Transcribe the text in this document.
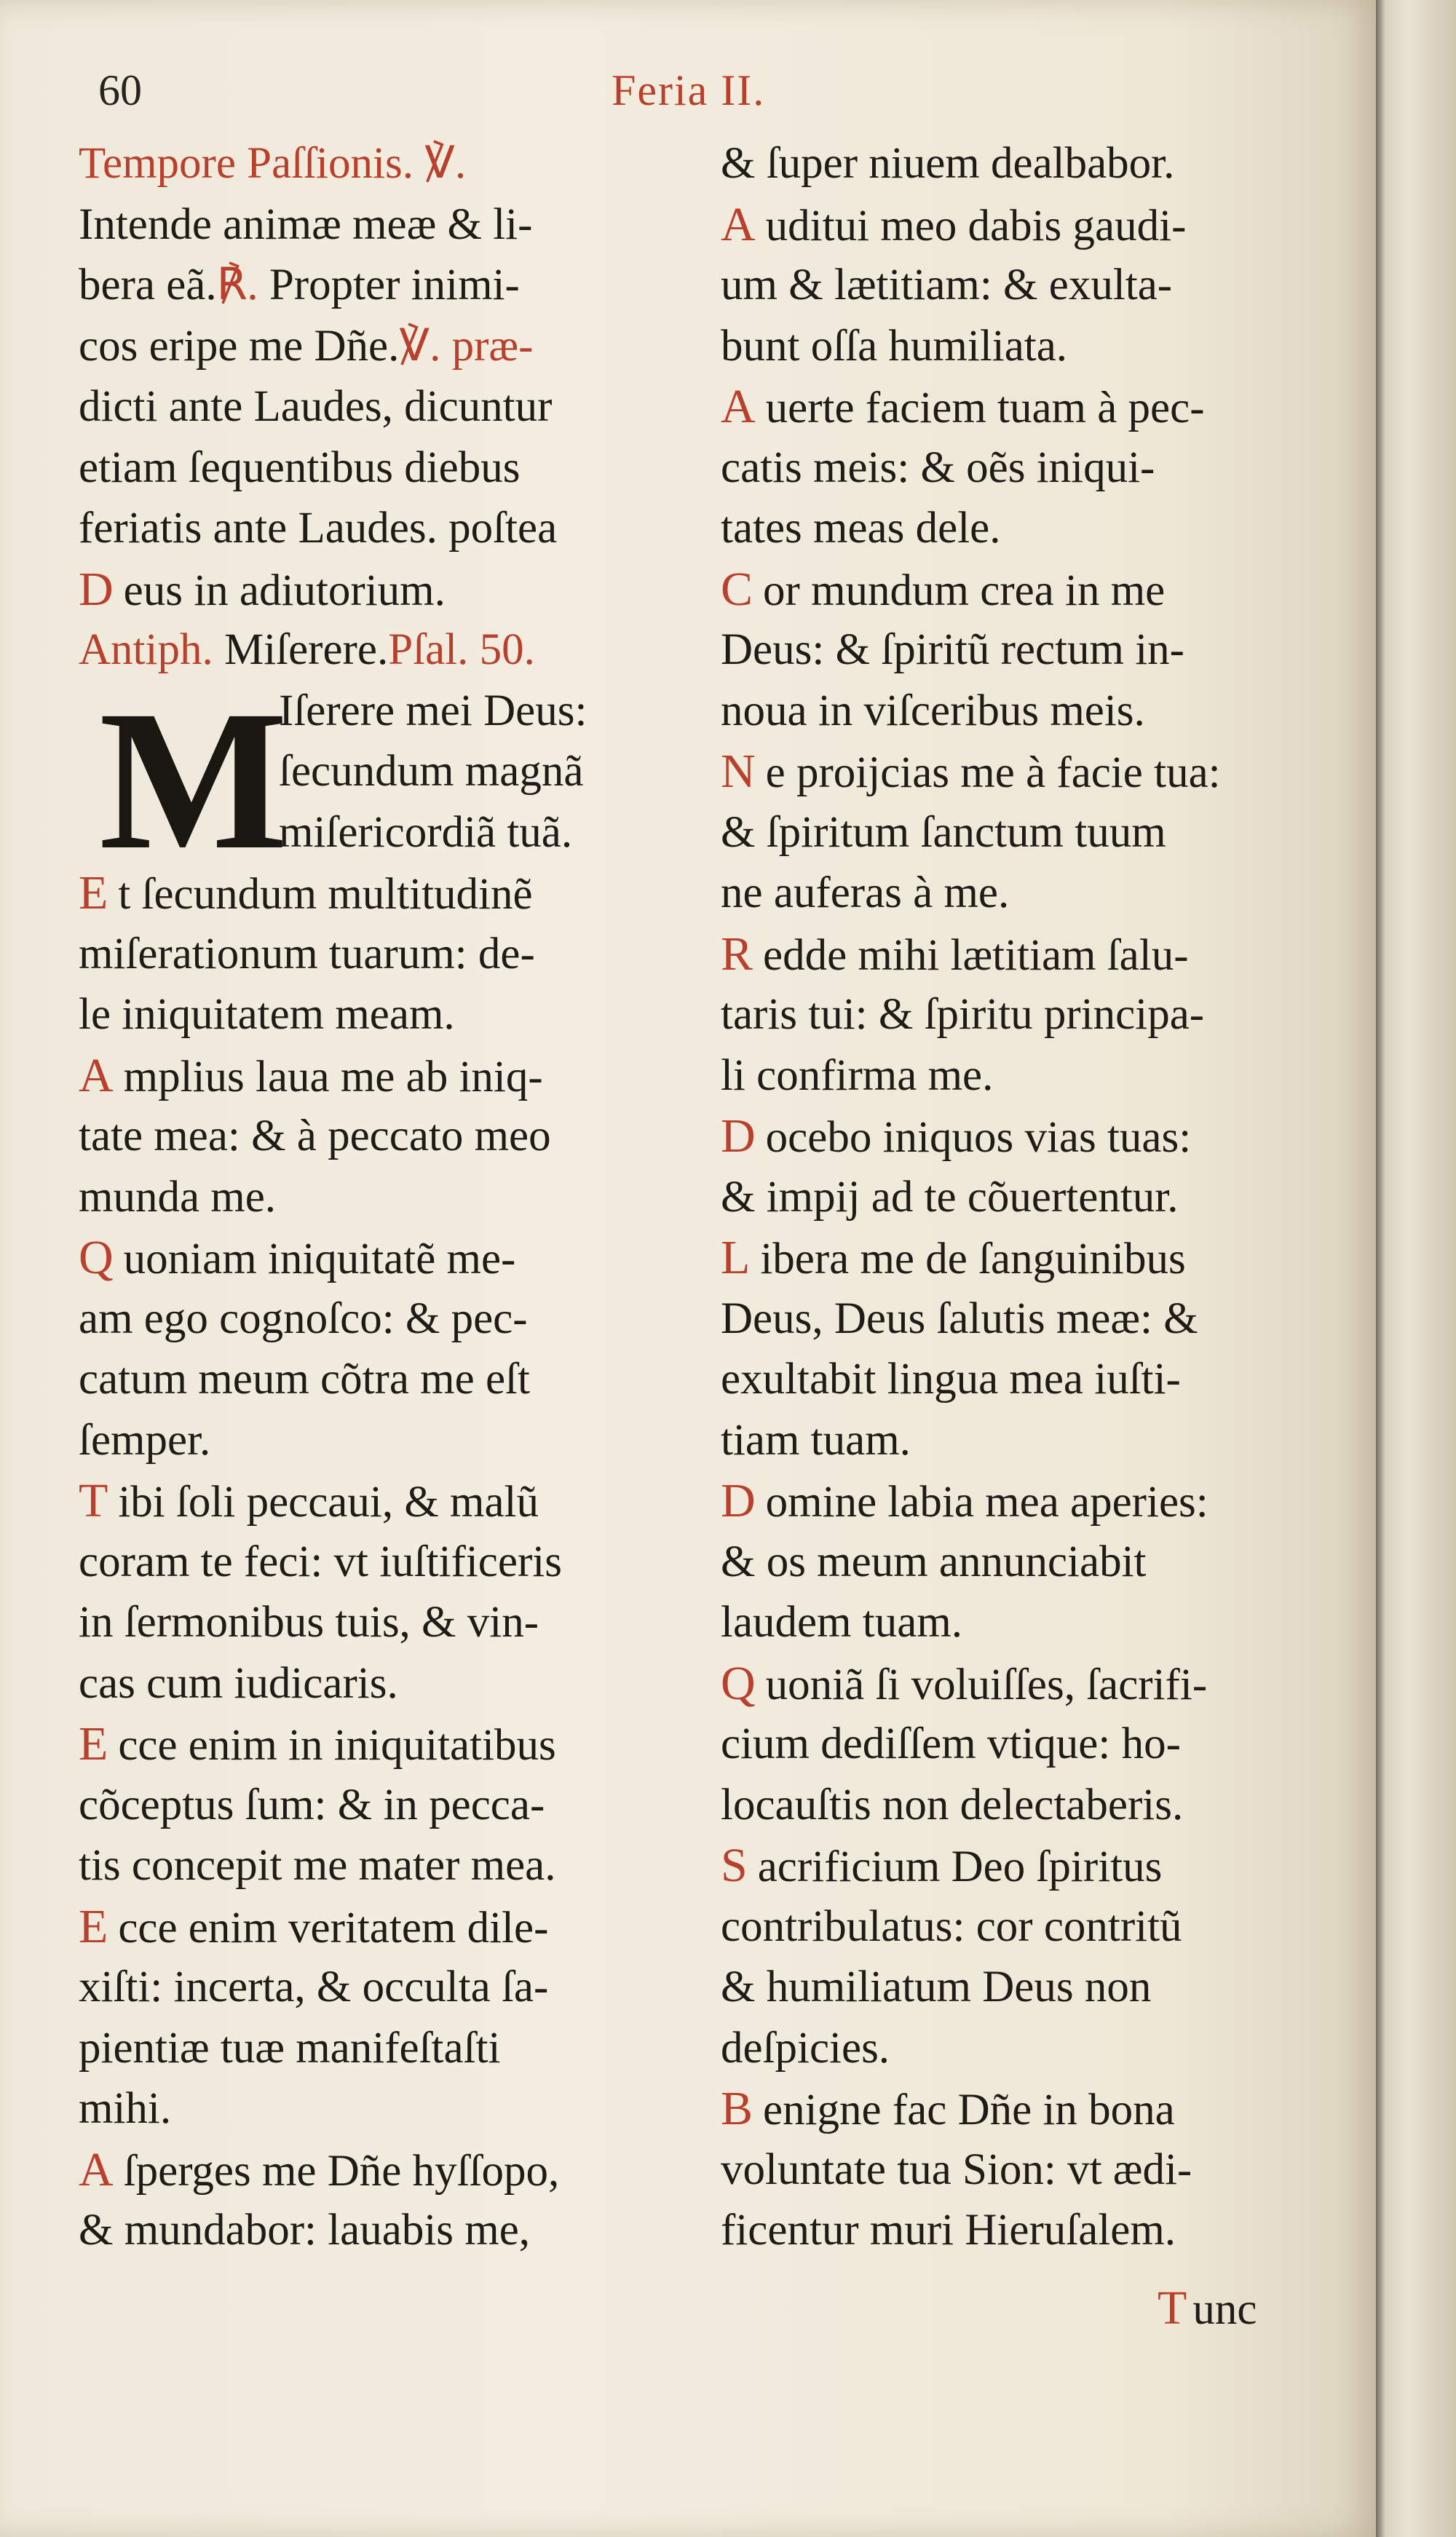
60	Feria II.
M
Tempore Paſſionis. ℣.
Intende animæ meæ & li-
bera eã.℟. Propter inimi-
cos eripe me Dñe.℣. præ-
dicti ante Laudes, dicuntur
etiam ſequentibus diebus
feriatis ante Laudes. poſtea
D eus in adiutorium.
Antiph. Miſerere.Pſal. 50.
Iſerere mei Deus:
ſecundum magnã
miſericordiã tuã.
E t ſecundum multitudinẽ
miſerationum tuarum: de-
le iniquitatem meam.
A mplius laua me ab iniq-
tate mea: & à peccato meo
munda me.
Q uoniam iniquitatẽ me-
am ego cognoſco: & pec-
catum meum cõtra me eſt
ſemper.
T ibi ſoli peccaui, & malũ
coram te feci: vt iuſtificeris
in ſermonibus tuis, & vin-
cas cum iudicaris.
E cce enim in iniquitatibus
cõceptus ſum: & in pecca-
tis concepit me mater mea.
E cce enim veritatem dile-
xiſti: incerta, & occulta ſa-
pientiæ tuæ manifeſtaſti
mihi.
A ſperges me Dñe hyſſopo,
& mundabor: lauabis me,
& ſuper niuem dealbabor.
A uditui meo dabis gaudi-
um & lætitiam: & exulta-
bunt oſſa humiliata.
A uerte faciem tuam à pec-
catis meis: & oẽs iniqui-
tates meas dele.
C or mundum crea in me
Deus: & ſpiritũ rectum in-
noua in viſceribus meis.
N e proijcias me à facie tua:
& ſpiritum ſanctum tuum
ne auferas à me.
R edde mihi lætitiam ſalu-
taris tui: & ſpiritu principa-
li confirma me.
D ocebo iniquos vias tuas:
& impij ad te cõuertentur.
L ibera me de ſanguinibus
Deus, Deus ſalutis meæ: &
exultabit lingua mea iuſti-
tiam tuam.
D omine labia mea aperies:
& os meum annunciabit
laudem tuam.
Q uoniã ſi voluiſſes, ſacrifi-
cium dediſſem vtique: ho-
locauſtis non delectaberis.
S acrificium Deo ſpiritus
contribulatus: cor contritũ
& humiliatum Deus non
deſpicies.
B enigne fac Dñe in bona
voluntate tua Sion: vt ædi-
ficentur muri Hieruſalem.
T unc
